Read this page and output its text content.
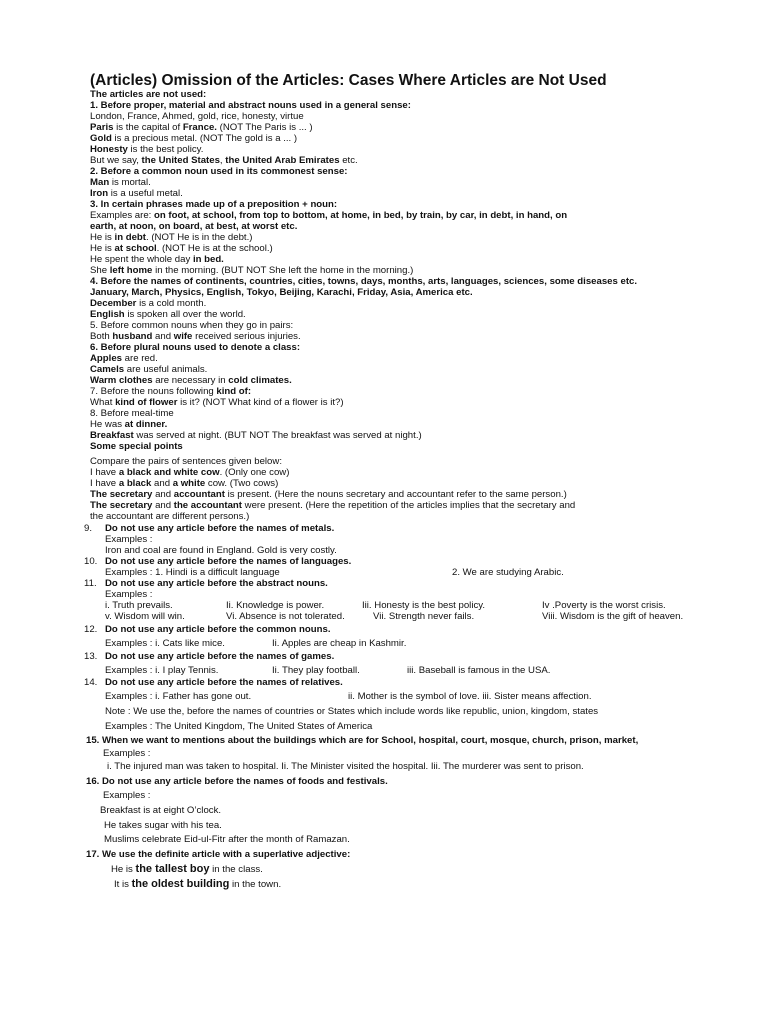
(Articles) Omission of the Articles: Cases Where Articles are Not Used
The articles are not used:
1. Before proper, material and abstract nouns used in a general sense:
London, France, Ahmed, gold, rice, honesty, virtue
Paris is the capital of France. (NOT The Paris is ... )
Gold is a precious metal. (NOT The gold is a ... )
Honesty is the best policy.
But we say, the United States, the United Arab Emirates etc.
2. Before a common noun used in its commonest sense:
Man is mortal.
Iron is a useful metal.
3. In certain phrases made up of a preposition + noun:
Examples are: on foot, at school, from top to bottom, at home, in bed, by train, by car, in debt, in hand, on
earth, at noon, on board, at best, at worst etc.
He is in debt. (NOT He is in the debt.)
He is at school. (NOT He is at the school.)
He spent the whole day in bed.
She left home in the morning. (BUT NOT She left the home in the morning.)
4. Before the names of continents, countries, cities, towns, days, months, arts, languages, sciences, some diseases etc.
January, March, Physics, English, Tokyo, Beijing, Karachi, Friday, Asia, America etc.
December is a cold month.
English is spoken all over the world.
5. Before common nouns when they go in pairs:
Both husband and wife received serious injuries.
6. Before plural nouns used to denote a class:
Apples are red.
Camels are useful animals.
Warm clothes are necessary in cold climates.
7. Before the nouns following kind of:
What kind of flower is it? (NOT What kind of a flower is it?)
8. Before meal-time
He was at dinner.
Breakfast was served at night. (BUT NOT The breakfast was served at night.)
Some special points
Compare the pairs of sentences given below:
I have a black and white cow. (Only one cow)
I have a black and a white cow. (Two cows)
The secretary and accountant is present. (Here the nouns secretary and accountant refer to the same person.)
The secretary and the accountant were present. (Here the repetition of the articles implies that the secretary and
the accountant are different persons.)
9. Do not use any article before the names of metals.
Examples :
Iron and coal are found in England. Gold is very costly.
10. Do not use any article before the names of languages.
Examples : 1. Hindi is a difficult language	2. We are studying Arabic.
11. Do not use any article before the abstract nouns.
Examples :
i. Truth prevails.	Ii. Knowledge is power.	Iii. Honesty is the best policy.	Iv .Poverty is the worst crisis.
v. Wisdom will win.	Vi. Absence is not tolerated.	Vii. Strength never fails.	Viii. Wisdom is the gift of heaven.
12. Do not use any article before the common nouns.
Examples : i. Cats like mice.	Ii. Apples are cheap in Kashmir.
13. Do not use any article before the names of games.
Examples : i. I play Tennis.	Ii. They play football.	iii. Baseball is famous in the USA.
14. Do not use any article before the names of relatives.
Examples : i. Father has gone out.	ii. Mother is the symbol of love. iii. Sister means affection.
Note : We use the, before the names of countries or States which include words like republic, union, kingdom, states
Examples : The United Kingdom, The United States of America
15. When we want to mentions about the buildings which are for School, hospital, court, mosque, church, prison, market,
Examples :
i. The injured man was taken to hospital. Ii. The Minister visited the hospital. Iii. The murderer was sent to prison.
16. Do not use any article before the names of foods and festivals.
Examples :
Breakfast is at eight O’clock.
He takes sugar with his tea.
Muslims celebrate Eid-ul-Fitr after the month of Ramazan.
17. We use the definite article with a superlative adjective:
He is the tallest boy in the class.
It is the oldest building in the town.
